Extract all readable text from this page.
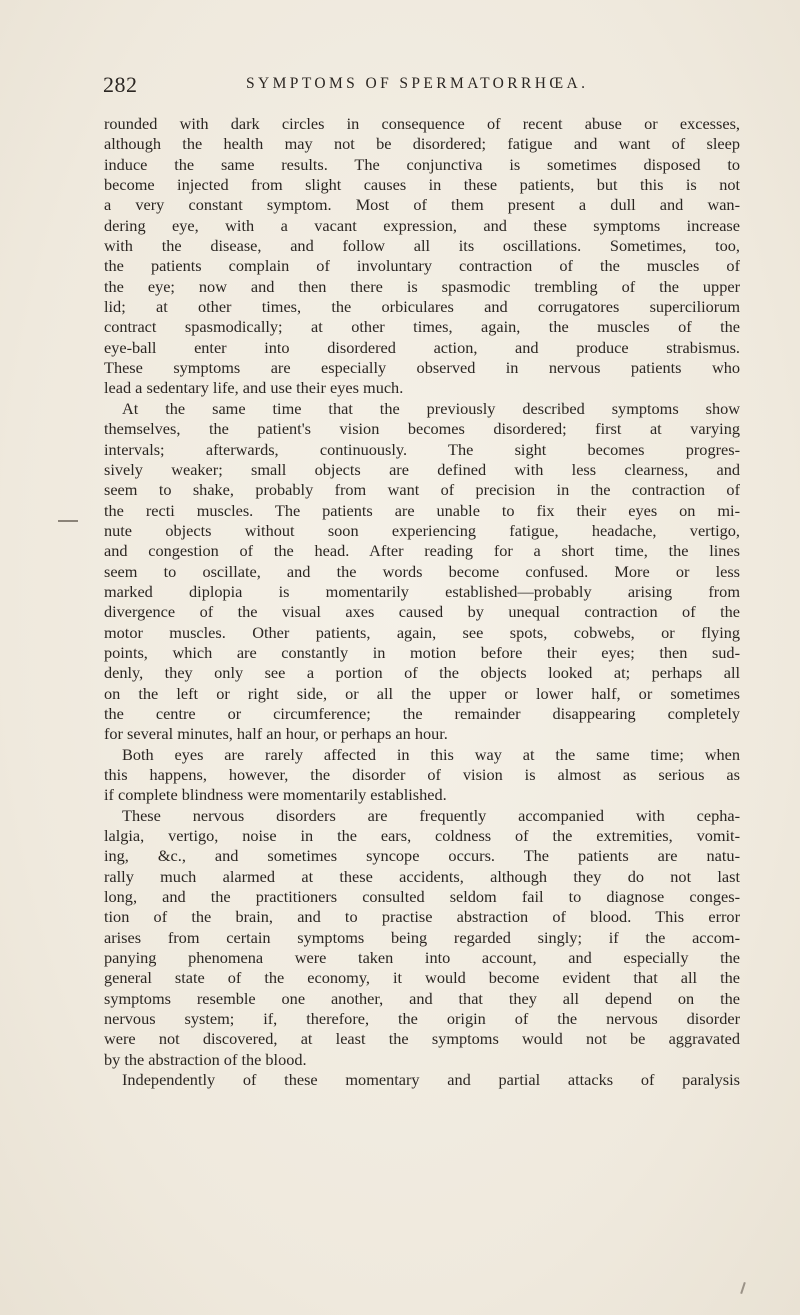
282	SYMPTOMS OF SPERMATORRHŒA.
rounded with dark circles in consequence of recent abuse or excesses,
although the health may not be disordered; fatigue and want of sleep
induce the same results. The conjunctiva is sometimes disposed to
become injected from slight causes in these patients, but this is not
a very constant symptom. Most of them present a dull and wan-
dering eye, with a vacant expression, and these symptoms increase
with the disease, and follow all its oscillations. Sometimes, too,
the patients complain of involuntary contraction of the muscles of
the eye; now and then there is spasmodic trembling of the upper
lid; at other times, the orbiculares and corrugatores superciliorum
contract spasmodically; at other times, again, the muscles of the
eye-ball enter into disordered action, and produce strabismus.
These symptoms are especially observed in nervous patients who
lead a sedentary life, and use their eyes much.
At the same time that the previously described symptoms show
themselves, the patient's vision becomes disordered; first at varying
intervals; afterwards, continuously. The sight becomes progres-
sively weaker; small objects are defined with less clearness, and
seem to shake, probably from want of precision in the contraction of
the recti muscles. The patients are unable to fix their eyes on mi-
nute objects without soon experiencing fatigue, headache, vertigo,
and congestion of the head. After reading for a short time, the lines
seem to oscillate, and the words become confused. More or less
marked diplopia is momentarily established—probably arising from
divergence of the visual axes caused by unequal contraction of the
motor muscles. Other patients, again, see spots, cobwebs, or flying
points, which are constantly in motion before their eyes; then sud-
denly, they only see a portion of the objects looked at; perhaps all
on the left or right side, or all the upper or lower half, or sometimes
the centre or circumference; the remainder disappearing completely
for several minutes, half an hour, or perhaps an hour.
Both eyes are rarely affected in this way at the same time; when
this happens, however, the disorder of vision is almost as serious as
if complete blindness were momentarily established.
These nervous disorders are frequently accompanied with cepha-
lalgia, vertigo, noise in the ears, coldness of the extremities, vomit-
ing, &c., and sometimes syncope occurs. The patients are natu-
rally much alarmed at these accidents, although they do not last
long, and the practitioners consulted seldom fail to diagnose conges-
tion of the brain, and to practise abstraction of blood. This error
arises from certain symptoms being regarded singly; if the accom-
panying phenomena were taken into account, and especially the
general state of the economy, it would become evident that all the
symptoms resemble one another, and that they all depend on the
nervous system; if, therefore, the origin of the nervous disorder
were not discovered, at least the symptoms would not be aggravated
by the abstraction of the blood.
Independently of these momentary and partial attacks of paralysis
